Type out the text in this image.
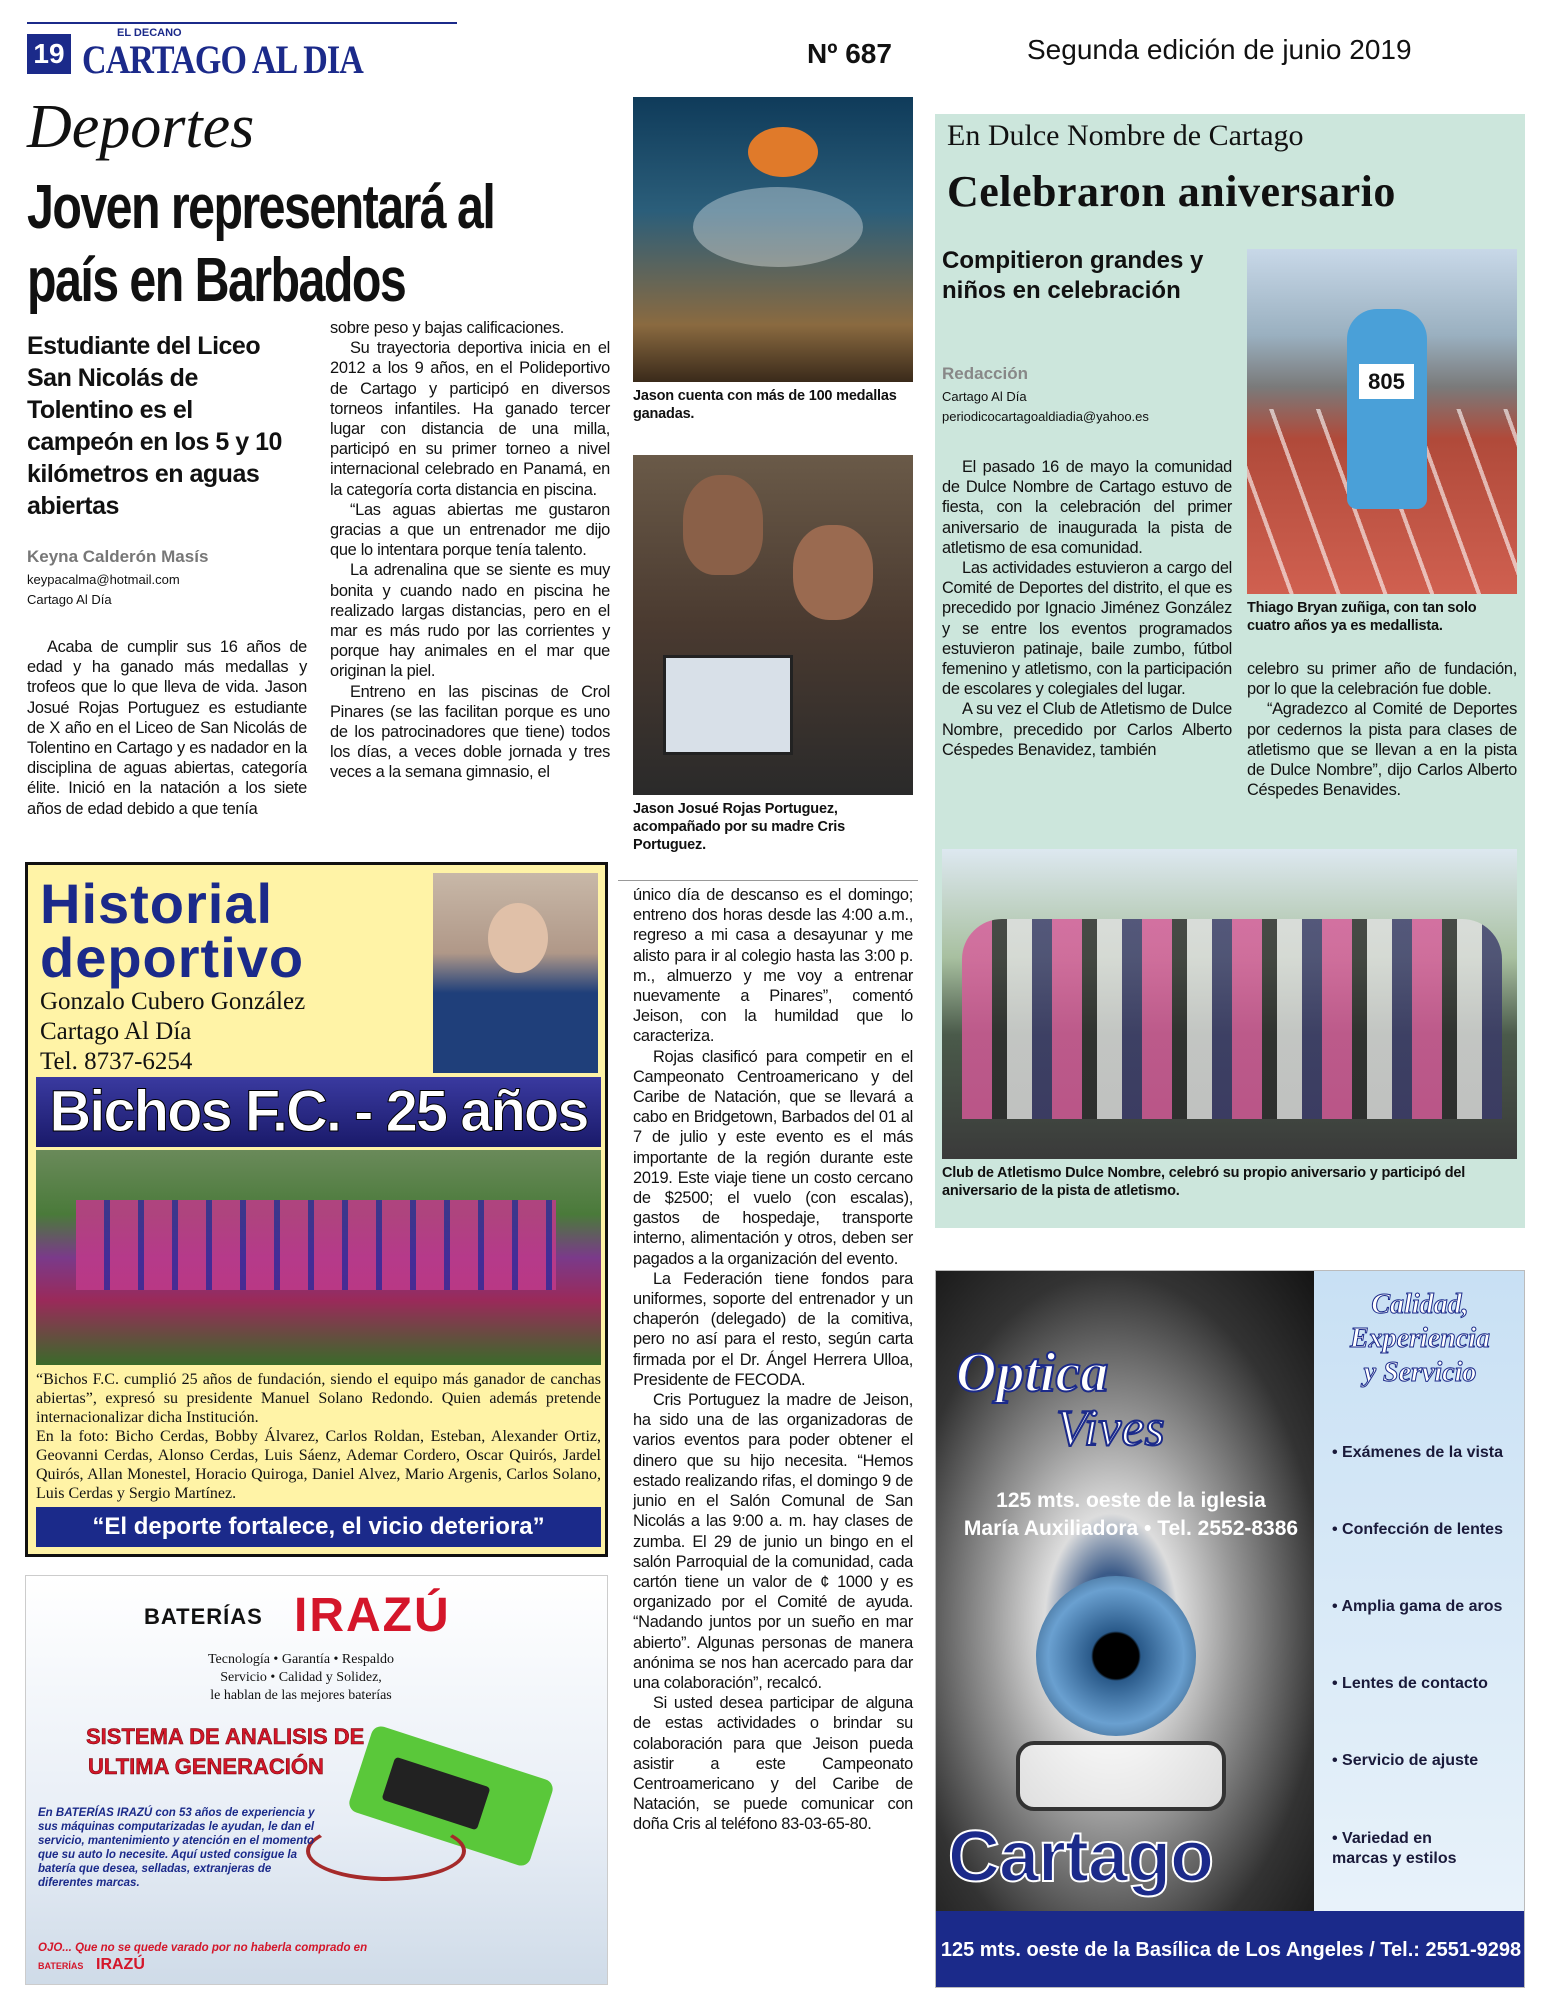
19
EL DECANO
CARTAGO AL DIA	Nº 687	Segunda edición de junio 2019
Deportes
Joven representará al
país en Barbados
Estudiante del Liceo San Nicolás de Tolentino es el campeón en los 5 y 10 kilómetros en aguas abiertas
Keyna Calderón Masís
keypacalma@hotmail.com
Cartago Al Día

Acaba de cumplir sus 16 años de edad y ha ganado más medallas y trofeos que lo que lleva de vida. Jason Josué Rojas Portuguez es estudiante de X año en el Liceo de San Nicolás de Tolentino en Cartago y es nadador en la disciplina de aguas abiertas, categoría élite. Inició en la natación a los siete años de edad debido a que tenía

sobre peso y bajas calificaciones.

Su trayectoria deportiva inicia en el 2012 a los 9 años, en el Polideportivo de Cartago y participó en diversos torneos infantiles. Ha ganado tercer lugar con distancia de una milla, participó en su primer torneo a nivel internacional celebrado en Panamá, en la categoría corta distancia en piscina.

“Las aguas abiertas me gustaron gracias a que un entrenador me dijo que lo intentara porque tenía talento.

La adrenalina que se siente es muy bonita y cuando nado en piscina he realizado largas distancias, pero en el mar es más rudo por las corrientes y porque hay animales en el mar que originan la piel.

Entreno en las piscinas de Crol Pinares (se las facilitan porque es uno de los patrocinadores que tiene) todos los días, a veces doble jornada y tres veces a la semana gimnasio, el

Jason cuenta con más de 100 medallas ganadas.
Jason Josué Rojas Portuguez, acompañado por su madre Cris Portuguez.

único día de descanso es el domingo; entreno dos horas desde las 4:00 a.m., regreso a mi casa a desayunar y me alisto para ir al colegio hasta las 3:00 p. m., almuerzo y me voy a entrenar nuevamente a Pinares”, comentó Jeison, con la humildad que lo caracteriza.

Rojas clasificó para competir en el Campeonato Centroamericano y del Caribe de Natación, que se llevará a cabo en Bridgetown, Barbados del 01 al 7 de julio y este evento es el más importante de la región durante este 2019. Este viaje tiene un costo cercano de $2500; el vuelo (con escalas), gastos de hospedaje, transporte interno, alimentación y otros, deben ser pagados a la organización del evento.

La Federación tiene fondos para uniformes, soporte del entrenador y un chaperón (delegado) de la comitiva, pero no así para el resto, según carta firmada por el Dr. Ángel Herrera Ulloa, Presidente de FECODA.

Cris Portuguez la madre de Jeison, ha sido una de las organizadoras de varios eventos para poder obtener el dinero que su hijo necesita. “Hemos estado realizando rifas, el domingo 9 de junio en el Salón Comunal de San Nicolás a las 9:00 a. m. hay clases de zumba. El 29 de junio un bingo en el salón Parroquial de la comunidad, cada cartón tiene un valor de ¢ 1000 y es organizado por el Comité de ayuda. “Nadando juntos por un sueño en mar abierto”. Algunas personas de manera anónima se nos han acercado para dar una colaboración”, recalcó.

Si usted desea participar de alguna de estas actividades o brindar su colaboración para que Jeison pueda asistir a este Campeonato Centroamericano y del Caribe de Natación, se puede comunicar con doña Cris al teléfono 83-03-65-80.

Historial
deportivo
Gonzalo Cubero González
Cartago Al Día
Tel. 8737-6254
Bichos F.C. - 25 años
“Bichos F.C. cumplió 25 años de fundación, siendo el equipo más ganador de canchas abiertas”, expresó su presidente Manuel Solano Redondo. Quien además pretende internacionalizar dicha Institución.
En la foto: Bicho Cerdas, Bobby Álvarez, Carlos Roldan, Esteban, Alexander Ortiz, Geovanni Cerdas, Alonso Cerdas, Luis Sáenz, Ademar Cordero, Oscar Quirós, Jardel Quirós, Allan Monestel, Horacio Quiroga, Daniel Alvez, Mario Argenis, Carlos Solano, Luis Cerdas y Sergio Martínez.
“El deporte fortalece, el vicio deteriora”
BATERÍAS IRAZÚ
Tecnología • Garantía • Respaldo
Servicio • Calidad y Solidez,
le hablan de las mejores baterías
SISTEMA DE ANALISIS DE
ULTIMA GENERACIÓN
En BATERÍAS IRAZÚ con 53 años de experiencia y sus máquinas computarizadas le ayudan, le dan el servicio, mantenimiento y atención en el momento que su auto lo necesite. Aquí usted consigue la batería que desea, selladas, extranjeras de diferentes marcas.
OJO... Que no se quede varado por no haberla comprado en
BATERÍAS IRAZÚ
En Dulce Nombre de Cartago
Celebraron aniversario
Compitieron grandes y niños en celebración
Redacción
Cartago Al Día
periodicocartagoaldiadia@yahoo.es

El pasado 16 de mayo la comunidad de Dulce Nombre de Cartago estuvo de fiesta, con la celebración del primer aniversario de inaugurada la pista de atletismo de esa comunidad.

Las actividades estuvieron a cargo del Comité de Deportes del distrito, el que es precedido por Ignacio Jiménez González y se entre los eventos programados estuvieron patinaje, baile zumbo, fútbol femenino y atletismo, con la participación de escolares y colegiales del lugar.

A su vez el Club de Atletismo de Dulce Nombre, precedido por Carlos Alberto Céspedes Benavidez, también

805
Thiago Bryan zuñiga, con tan solo cuatro años ya es medallista.

celebro su primer año de fundación, por lo que la celebración fue doble.

“Agradezco al Comité de Deportes por cedernos la pista para clases de atletismo que se llevan a en la pista de Dulce Nombre”, dijo Carlos Alberto Céspedes Benavides.

Club de Atletismo Dulce Nombre, celebró su propio aniversario y participó del aniversario de la pista de atletismo.
Optica
Vives
Calidad,
Experiencia
y Servicio
• Exámenes de la vista
• Confección de lentes
• Amplia gama de aros
• Lentes de contacto
• Servicio de ajuste
• Variedad en marcas y estilos
125 mts. oeste de la iglesia
María Auxiliadora • Tel. 2552-8386
Cartago
125 mts. oeste de la Basílica de Los Angeles / Tel.: 2551-9298
